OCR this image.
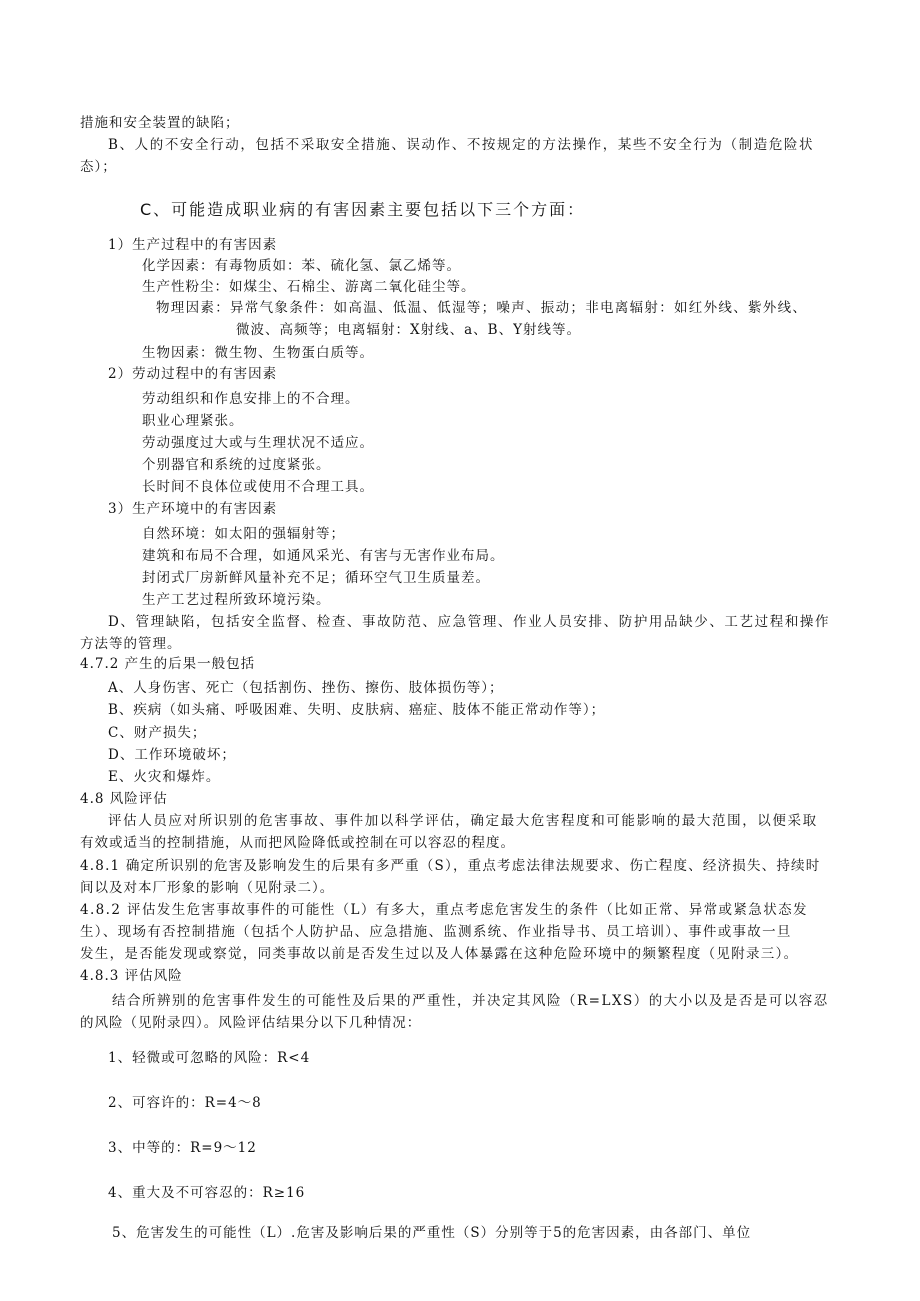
措施和安全装置的缺陷；
B、人的不安全行动，包括不采取安全措施、误动作、不按规定的方法操作，某些不安全行为（制造危险状
态）；
C、可能造成职业病的有害因素主要包括以下三个方面：
1）生产过程中的有害因素
化学因素：有毒物质如：苯、硫化氢、氯乙烯等。
生产性粉尘：如煤尘、石棉尘、游离二氧化硅尘等。
物理因素：异常气象条件：如高温、低温、低湿等；噪声、振动；非电离辐射：如红外线、紫外线、
微波、高频等；电离辐射：X射线、a、B、Y射线等。
生物因素：微生物、生物蛋白质等。
2）劳动过程中的有害因素
劳动组织和作息安排上的不合理。
职业心理紧张。
劳动强度过大或与生理状况不适应。
个别器官和系统的过度紧张。
长时间不良体位或使用不合理工具。
3）生产环境中的有害因素
自然环境：如太阳的强辐射等；
建筑和布局不合理，如通风采光、有害与无害作业布局。
封闭式厂房新鲜风量补充不足；循环空气卫生质量差。
生产工艺过程所致环境污染。
D、管理缺陷，包括安全监督、检查、事故防范、应急管理、作业人员安排、防护用品缺少、工艺过程和操作
方法等的管理。
4.7.2 产生的后果一般包括
A、人身伤害、死亡（包括割伤、挫伤、擦伤、肢体损伤等）；
B、疾病（如头痛、呼吸困难、失明、皮肤病、癌症、肢体不能正常动作等）；
C、财产损失；
D、工作环境破坏；
E、火灾和爆炸。
4.8 风险评估
评估人员应对所识别的危害事故、事件加以科学评估，确定最大危害程度和可能影响的最大范围，以便采取
有效或适当的控制措施，从而把风险降低或控制在可以容忍的程度。
4.8.1 确定所识别的危害及影响发生的后果有多严重（S），重点考虑法律法规要求、伤亡程度、经济损失、持续时
间以及对本厂形象的影响（见附录二）。
4.8.2 评估发生危害事故事件的可能性（L）有多大，重点考虑危害发生的条件（比如正常、异常或紧急状态发
生）、现场有否控制措施（包括个人防护品、应急措施、监测系统、作业指导书、员工培训）、事件或事故一旦
发生，是否能发现或察觉，同类事故以前是否发生过以及人体暴露在这种危险环境中的频繁程度（见附录三）。
4.8.3 评估风险
结合所辨别的危害事件发生的可能性及后果的严重性，并决定其风险（R=LXS）的大小以及是否是可以容忍
的风险（见附录四）。风险评估结果分以下几种情况：
1、轻微或可忽略的风险：R<4
2、可容许的：R=4～8
3、中等的：R=9～12
4、重大及不可容忍的：R≥16
5、危害发生的可能性（L）.危害及影响后果的严重性（S）分别等于5的危害因素，由各部门、单位
